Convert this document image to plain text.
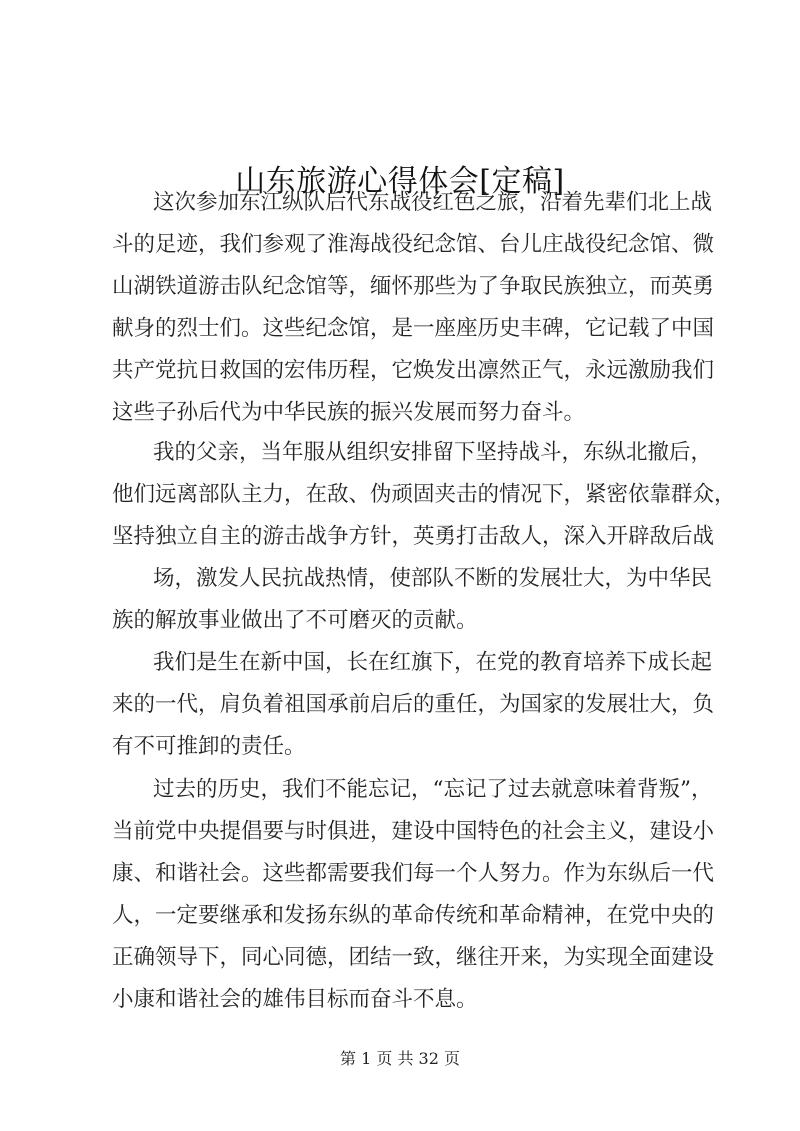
山东旅游心得体会[定稿]
这次参加东江纵队后代东战役红色之旅，沿着先辈们北上战
斗的足迹，我们参观了淮海战役纪念馆、台儿庄战役纪念馆、微
山湖铁道游击队纪念馆等，缅怀那些为了争取民族独立，而英勇
献身的烈士们。这些纪念馆，是一座座历史丰碑，它记载了中国
共产党抗日救国的宏伟历程，它焕发出凛然正气，永远激励我们
这些子孙后代为中华民族的振兴发展而努力奋斗。
我的父亲，当年服从组织安排留下坚持战斗，东纵北撤后，
他们远离部队主力，在敌、伪顽固夹击的情况下，紧密依靠群众，
坚持独立自主的游击战争方针，英勇打击敌人，深入开辟敌后战
场，激发人民抗战热情，使部队不断的发展壮大，为中华民
族的解放事业做出了不可磨灭的贡献。
我们是生在新中国，长在红旗下，在党的教育培养下成长起
来的一代，肩负着祖国承前启后的重任，为国家的发展壮大，负
有不可推卸的责任。
过去的历史，我们不能忘记，“忘记了过去就意味着背叛”，
当前党中央提倡要与时俱进，建设中国特色的社会主义，建设小
康、和谐社会。这些都需要我们每一个人努力。作为东纵后一代
人，一定要继承和发扬东纵的革命传统和革命精神，在党中央的
正确领导下，同心同德，团结一致，继往开来，为实现全面建设
小康和谐社会的雄伟目标而奋斗不息。
第 1 页 共 32 页
